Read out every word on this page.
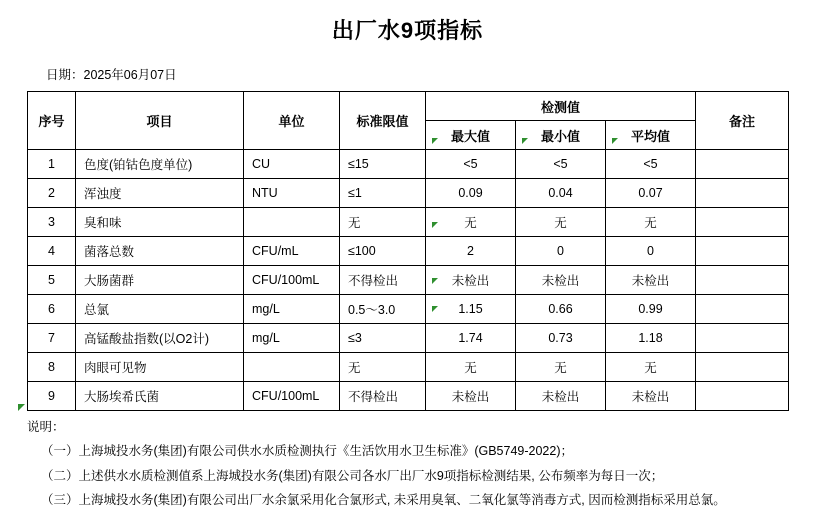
出厂水9项指标
日期：2025年06月07日
序号	项目	单位	标准限值	检测值			备注
				最大值	最小值	平均值	
1	色度(铂钴色度单位)	CU	≤15	<5	<5	<5	
2	浑浊度	NTU	≤1	0.09	0.04	0.07	
3	臭和味		无	无	无	无	
4	菌落总数	CFU/mL	≤100	2	0	0	
5	大肠菌群	CFU/100mL	不得检出	未检出	未检出	未检出	
6	总氯	mg/L	0.5～3.0	1.15	0.66	0.99	
7	高锰酸盐指数(以O2计)	mg/L	≤3	1.74	0.73	1.18	
8	肉眼可见物		无	无	无	无	
9	大肠埃希氏菌	CFU/100mL	不得检出	未检出	未检出	未检出	
说明：
（一）上海城投水务(集团)有限公司供水水质检测执行《生活饮用水卫生标准》(GB5749-2022)；
（二）上述供水水质检测值系上海城投水务(集团)有限公司各水厂出厂水9项指标检测结果, 公布频率为每日一次；
（三）上海城投水务(集团)有限公司出厂水余氯采用化合氯形式, 未采用臭氧、二氧化氯等消毒方式, 因而检测指标采用总氯。
